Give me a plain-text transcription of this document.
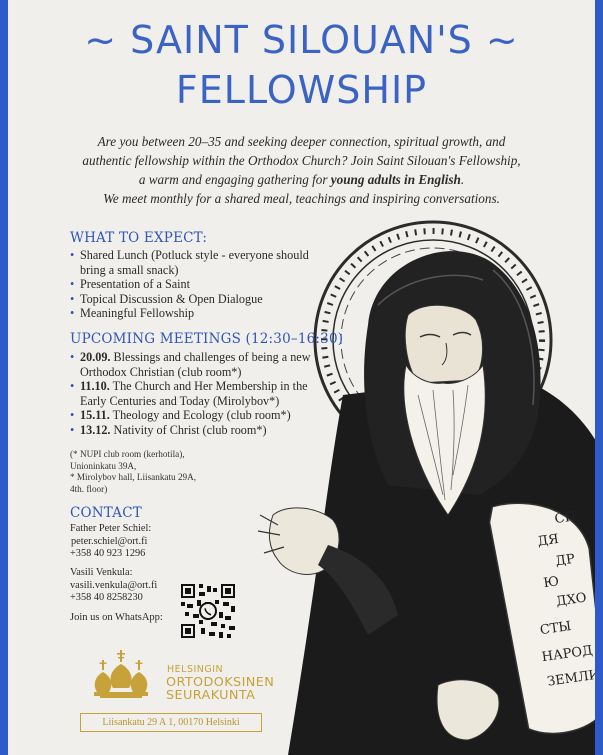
~ SAINT SILOUAN'S ~
FELLOWSHIP
Are you between 20–35 and seeking deeper connection, spiritual growth, and
authentic fellowship within the Orthodox Church? Join Saint Silouan's Fellowship,
a warm and engaging gathering for young adults in English.
We meet monthly for a shared meal, teachings and inspiring conversations.
СП
ДЯ
ДР
Ю
ДХО
СТЫ
НАРОД
ЗЕМЛИ
WHAT TO EXPECT:
• Shared Lunch (Potluck style - everyone should
bring a small snack)
• Presentation of a Saint
• Topical Discussion & Open Dialogue
• Meaningful Fellowship
UPCOMING MEETINGS (12:30–16:30)
• 20.09. Blessings and challenges of being a new
Orthodox Christian (club room*)
• 11.10. The Church and Her Membership in the
Early Centuries and Today (Mirolybov*)
• 15.11. Theology and Ecology (club room*)
• 13.12. Nativity of Christ (club room*)
(* NUPI club room (kerhotila),
Unioninkatu 39A,
* Mirolybov hall, Liisankatu 29A,
4th. floor)
CONTACT
Father Peter Schiel:
peter.schiel@ort.fi
+358 40 923 1296
Vasili Venkula:
vasili.venkula@ort.fi
+358 40 8258230
Join us on WhatsApp:
HELSINGIN
ORTODOKSINEN
SEURAKUNTA
Liisankatu 29 A 1, 00170 Helsinki
